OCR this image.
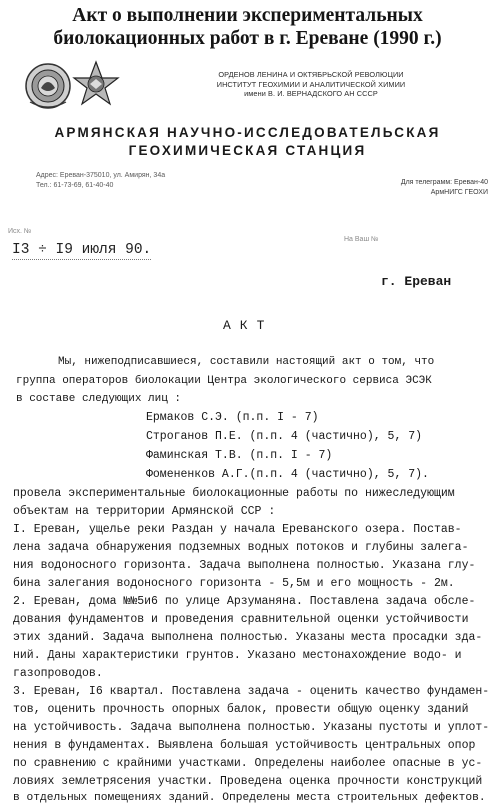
Акт о выполнении экспериментальных
биолокационных работ в г. Ереване (1990 г.)
ОРДЕНОВ ЛЕНИНА И ОКТЯБРЬСКОЙ РЕВОЛЮЦИИ
ИНСТИТУТ ГЕОХИМИИ И АНАЛИТИЧЕСКОЙ ХИМИИ
имени В. И. ВЕРНАДСКОГО АН СССР
АРМЯНСКАЯ НАУЧНО-ИССЛЕДОВАТЕЛЬСКАЯ
ГЕОХИМИЧЕСКАЯ СТАНЦИЯ
Адрес: Ереван-375010, ул. Амирян, 34а
Тел.: 61-73-69, 61-40-40	Для телеграмм: Ереван-40
АрмНИГС ГЕОХИ
Исх. №
На Ваш №
I3 ÷ I9 июля 90.
г. Ереван
АКТ
Мы, нижеподписавшиеся, составили настоящий акт о том, что
группа операторов биолокации Центра экологического сервиса ЭСЭК
в составе следующих лиц :
Ермаков С.Э. (п.п. I - 7)
Строганов П.Е. (п.п. 4 (частично), 5, 7)
Фаминская Т.В. (п.п. I - 7)
Фомененков А.Г.(п.п. 4 (частично), 5, 7).
провела экспериментальные биолокационные работы по нижеследующим
объектам на территории Армянской ССР :
I. Ереван, ущелье реки Раздан у начала Ереванского озера. Постав-
лена задача обнаружения подземных водных потоков и глубины залега-
ния водоносного горизонта. Задача выполнена полностью. Указана глу-
бина залегания водоносного горизонта - 5,5м и его мощность - 2м.
2. Ереван, дома №№5и6 по улице Арзуманяна. Поставлена задача обсле-
дования фундаментов и проведения сравнительной оценки устойчивости
этих зданий. Задача выполнена полностью. Указаны места просадки зда-
ний. Даны характеристики грунтов. Указано местонахождение водо- и
газопроводов.
3. Ереван, I6 квартал. Поставлена задача - оценить качество фундамен-
тов, оценить прочность опорных балок, провести общую оценку зданий
на устойчивость. Задача выполнена полностью. Указаны пустоты и уплот-
нения в фундаментах. Выявлена большая устойчивость центральных опор
по сравнению с крайними участками. Определены наиболее опасные в ус-
ловиях землетрясения участки. Проведена оценка прочности конструкций
в отдельных помещениях зданий. Определены места строительных дефектов.
